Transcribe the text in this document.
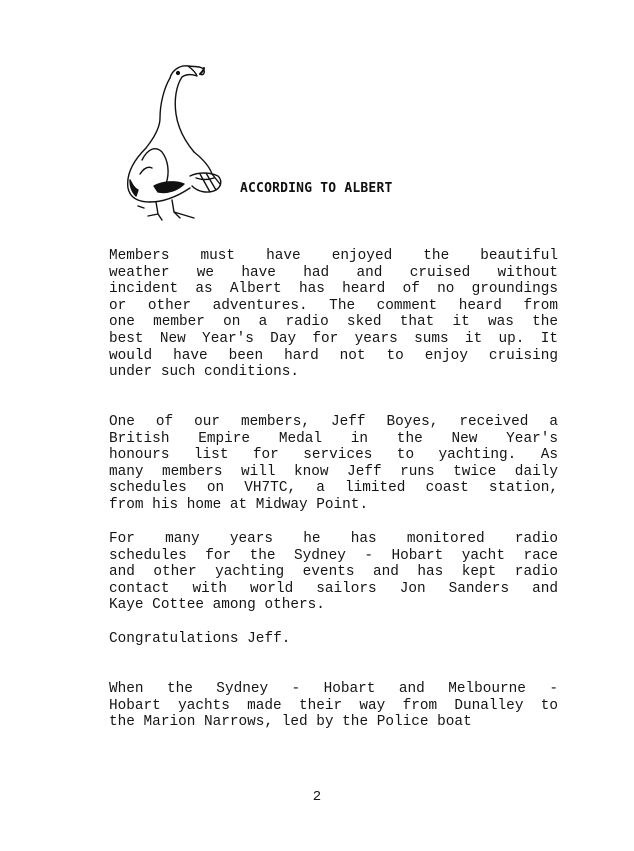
ACCORDING TO ALBERT
Members must have enjoyed the beautiful
weather we have had and cruised without
incident as Albert has heard of no groundings
or other adventures. The comment heard from
one member on a radio sked that it was the
best New Year's Day for years sums it up. It
would have been hard not to enjoy cruising
under such conditions.
One of our members, Jeff Boyes, received a
British Empire Medal in the New Year's
honours list for services to yachting. As
many members will know Jeff runs twice daily
schedules on VH7TC, a limited coast station,
from his home at Midway Point.
For many years he has monitored radio
schedules for the Sydney - Hobart yacht race
and other yachting events and has kept radio
contact with world sailors Jon Sanders and
Kaye Cottee among others.
Congratulations Jeff.
When the Sydney - Hobart and Melbourne -
Hobart yachts made their way from Dunalley to
the Marion Narrows, led by the Police boat
2
